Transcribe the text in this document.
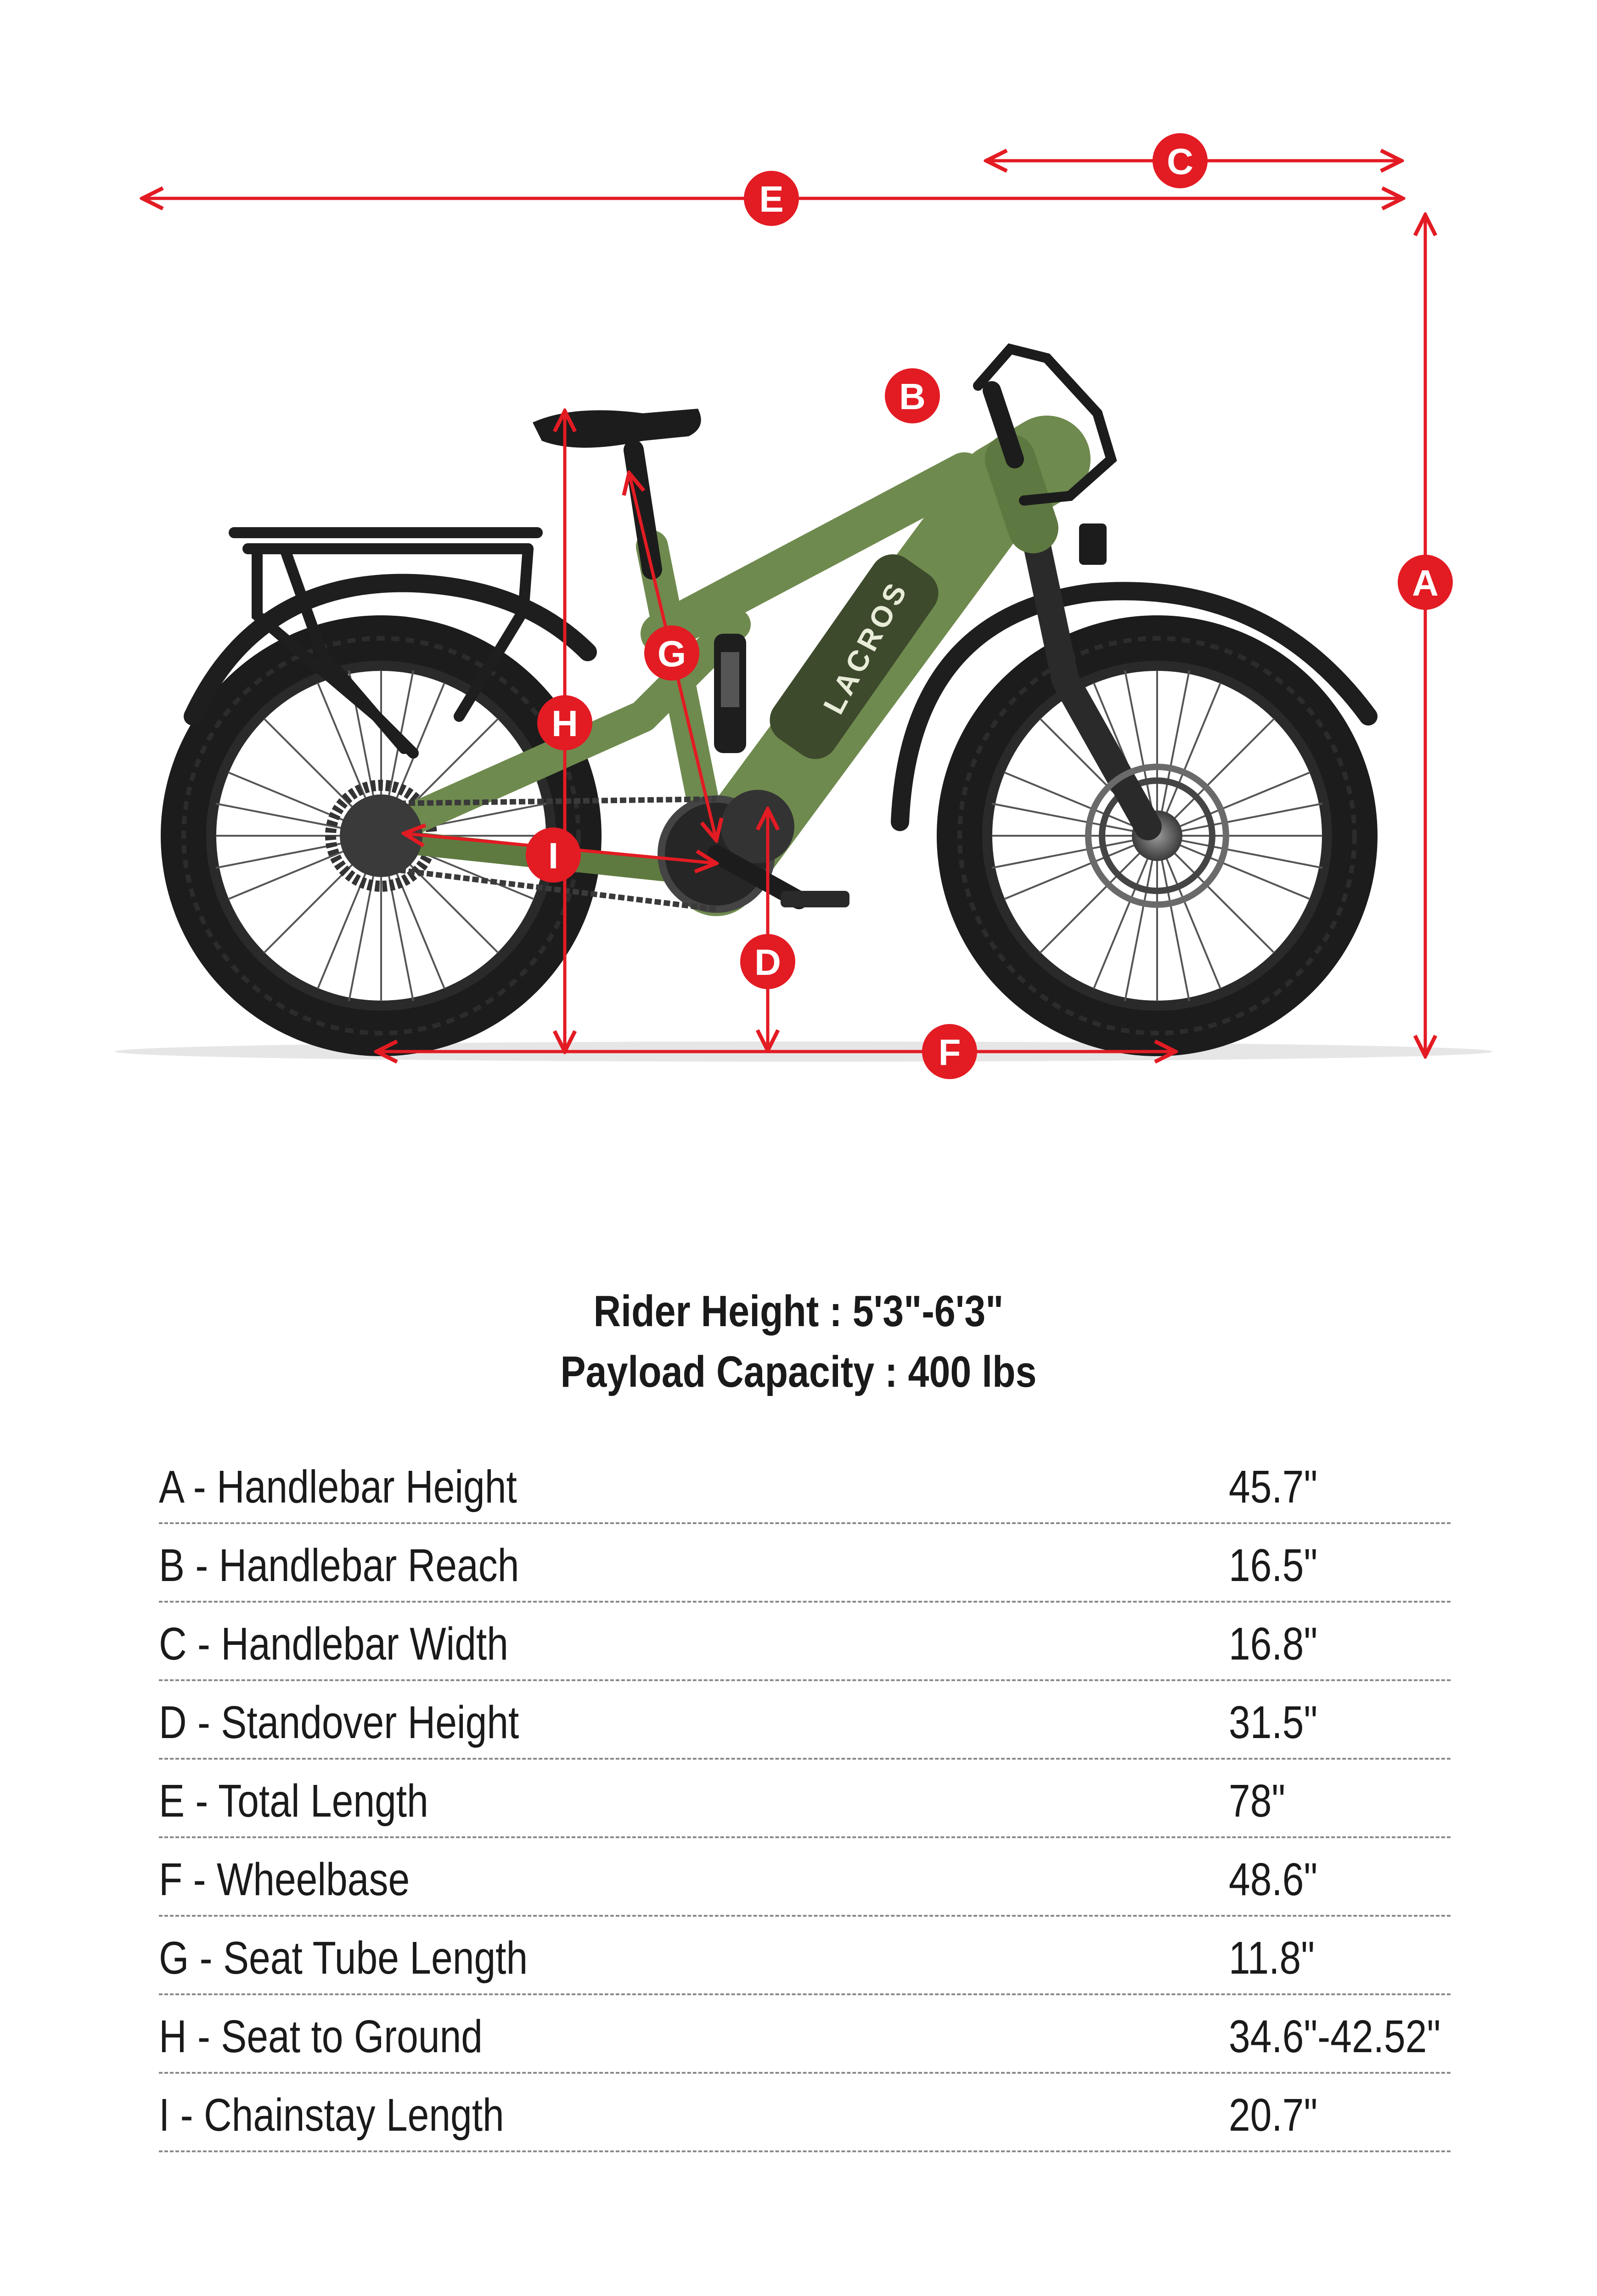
LACROS
E
C
A
B
G
H
I
D
F
Rider Height : 5'3"-6'3"
Payload Capacity : 400 lbs
A - Handlebar Height	45.7"
B - Handlebar Reach	16.5"
C - Handlebar Width	16.8"
D - Standover Height	31.5"
E - Total Length	78"
F - Wheelbase	48.6"
G - Seat Tube Length	11.8"
H - Seat to Ground	34.6"-42.52"
I - Chainstay Length	20.7"
